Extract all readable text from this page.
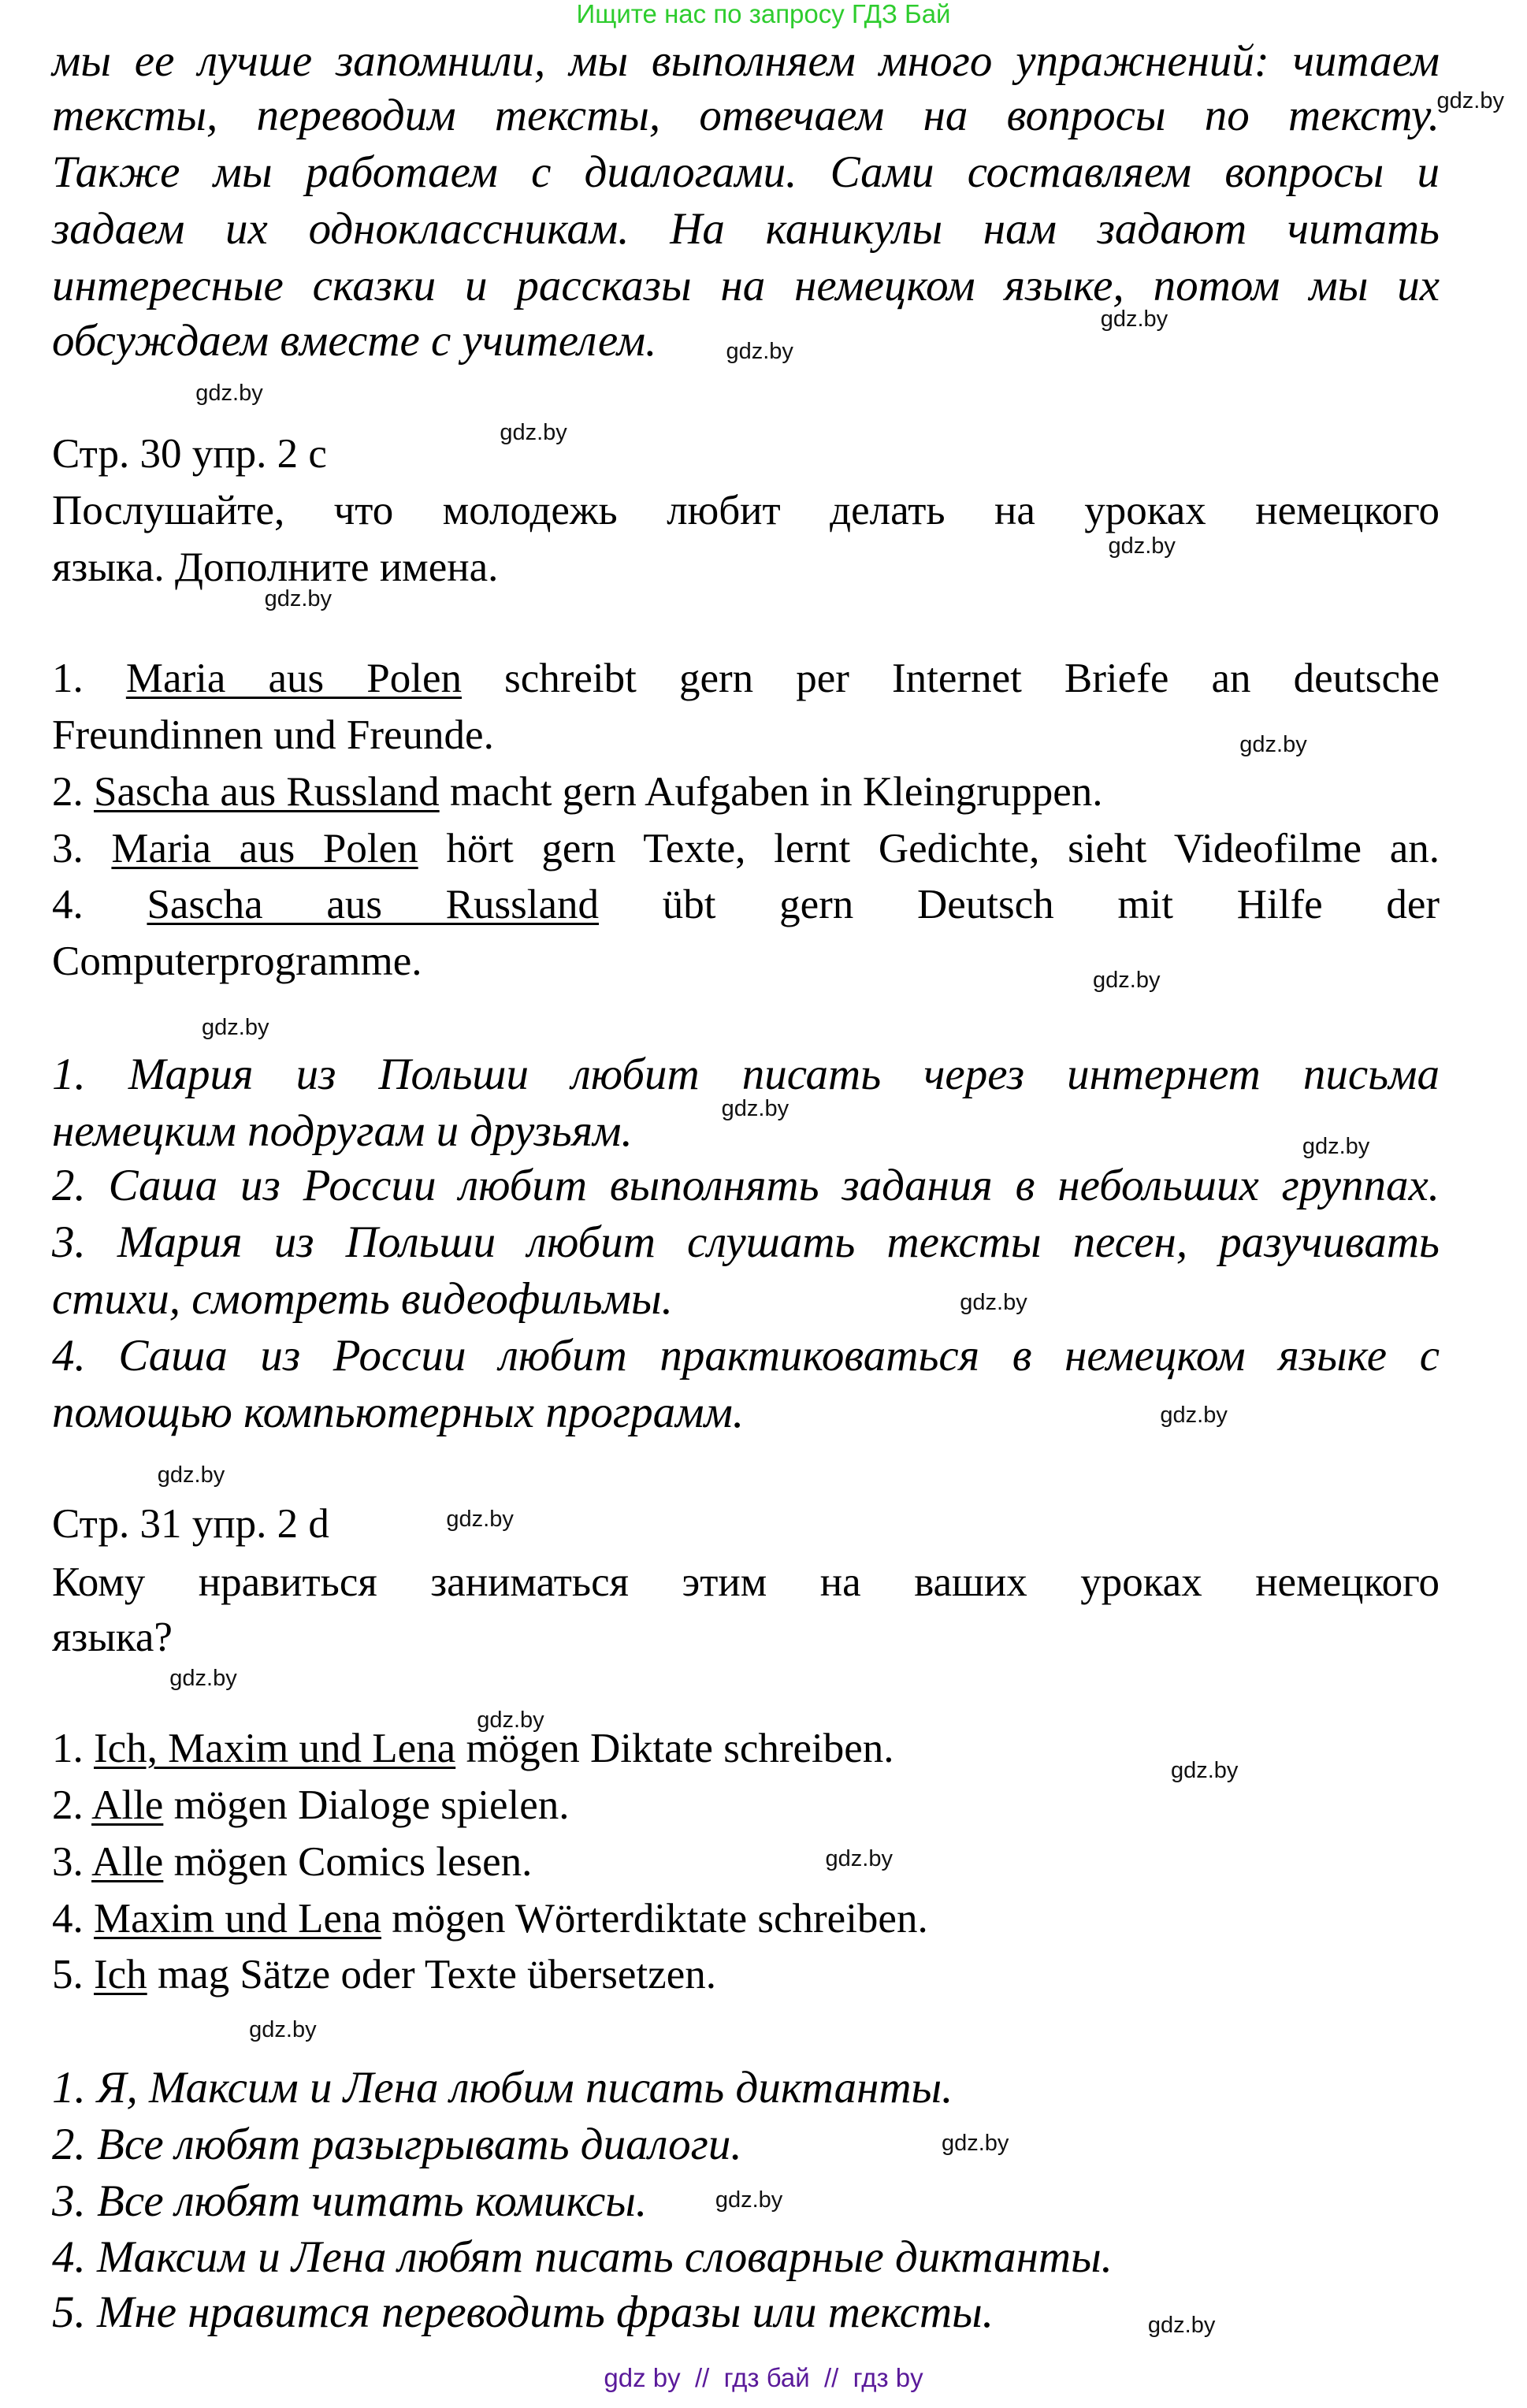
Ищите нас по запросу ГДЗ Бай
мы ее лучше запомнили, мы выполняем много упражнений: читаем
тексты, переводим тексты, отвечаем на вопросы по тексту.
Также мы работаем с диалогами. Сами составляем вопросы и
задаем их одноклассникам. На каникулы нам задают читать
интересные сказки и рассказы на немецком языке, потом мы их
обсуждаем вместе с учителем.
Стр. 30 упр. 2 c
Послушайте, что молодежь любит делать на уроках немецкого
языка. Дополните имена.
1. Maria aus Polen schreibt gern per Internet Briefe an deutsche
Freundinnen und Freunde.
2. Sascha aus Russland macht gern Aufgaben in Kleingruppen.
3. Maria aus Polen hört gern Texte, lernt Gedichte, sieht Videofilme an.
4. Sascha aus Russland übt gern Deutsch mit Hilfe der
Computerprogramme.
1. Мария из Польши любит писать через интернет письма
немецким подругам и друзьям.
2. Саша из России любит выполнять задания в небольших группах.
3. Мария из Польши любит слушать тексты песен, разучивать
стихи, смотреть видеофильмы.
4. Саша из России любит практиковаться в немецком языке с
помощью компьютерных программ.
Стр. 31 упр. 2 d
Кому нравиться заниматься этим на ваших уроках немецкого
языка?
1. Ich, Maxim und Lena mögen Diktate schreiben.
2. Alle mögen Dialoge spielen.
3. Alle mögen Comics lesen.
4. Maxim und Lena mögen Wörterdiktate schreiben.
5. Ich mag Sätze oder Texte übersetzen.
1. Я, Максим и Лена любим писать диктанты.
2. Все любят разыгрывать диалоги.
3. Все любят читать комиксы.
4. Максим и Лена любят писать словарные диктанты.
5. Мне нравится переводить фразы или тексты.
gdz.by
gdz.by
gdz.by
gdz.by
gdz.by
gdz.by
gdz.by
gdz.by
gdz.by
gdz.by
gdz.by
gdz.by
gdz.by
gdz.by
gdz.by
gdz.by
gdz.by
gdz.by
gdz.by
gdz.by
gdz.by
gdz.by
gdz.by
gdz.by
gdz by  //  гдз бай  //  гдз by
